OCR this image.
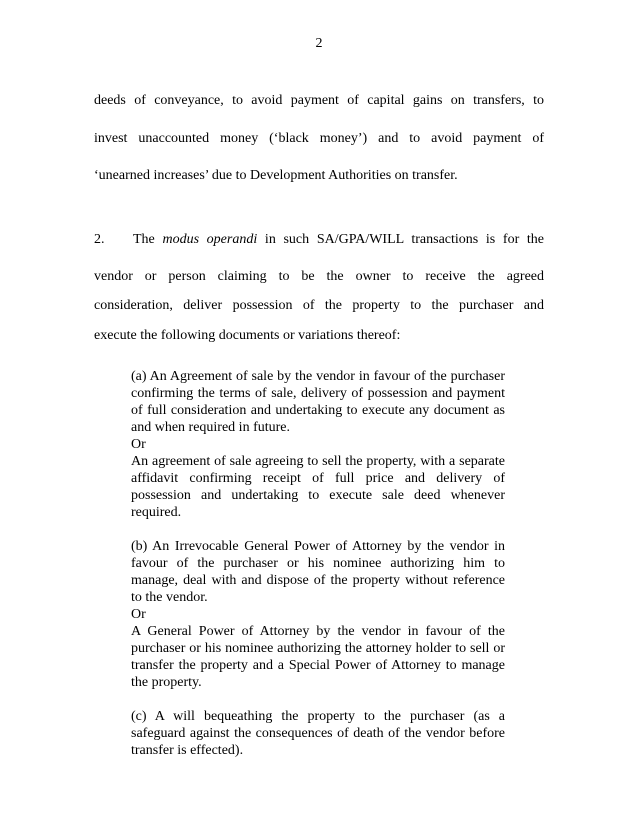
2
deeds of conveyance, to avoid payment of capital gains on transfers, to
invest unaccounted money (‘black money’) and to avoid payment of
‘unearned increases’ due to Development Authorities on transfer.
2. The modus operandi in such SA/GPA/WILL transactions is for the
vendor or person claiming to be the owner to receive the agreed
consideration, deliver possession of the property to the purchaser and
execute the following documents or variations thereof:

(a) An Agreement of sale by the vendor in favour of the purchaser confirming the terms of sale, delivery of possession and payment of full consideration and undertaking to execute any document as and when required in future.

Or

An agreement of sale agreeing to sell the property, with a separate affidavit confirming receipt of full price and delivery of possession and undertaking to execute sale deed whenever required.

(b) An Irrevocable General Power of Attorney by the vendor in favour of the purchaser or his nominee authorizing him to manage, deal with and dispose of the property without reference to the vendor.

Or

A General Power of Attorney by the vendor in favour of the purchaser or his nominee authorizing the attorney holder to sell or transfer the property and a Special Power of Attorney to manage the property.

(c) A will bequeathing the property to the purchaser (as a safeguard against the consequences of death of the vendor before transfer is effected).
